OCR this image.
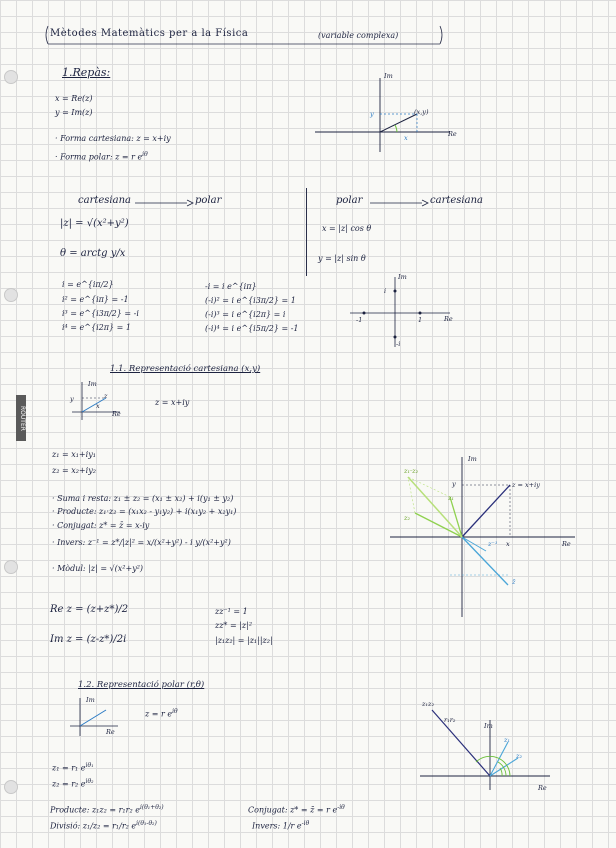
ROUTER
Mètodes Matemàtics per a la Física	(variable complexa)
1.Repàs:
x = Re(z)
y = Im(z)
· Forma cartesiana: z = x+iy
· Forma polar: z = r $e^{i\theta}$
Im
Re
(x,y)
y
x
cartesiana	polar
|z| = √(x²+y²)
θ = arctg y/x
polar	cartesiana
x = |z| cos θ
y = |z| sin θ
i = e^{iπ/2}
i² = e^{iπ} = -1
i³ = e^{i3π/2} = -i
i⁴ = e^{i2π} = 1
-i = i e^{iπ}
(-i)² = i e^{i3π/2} = 1
(-i)³ = i e^{i2π} = i
(-i)⁴ = i e^{i5π/2} = -1
Im
Re
i
-i
1
-1
1.1. Representació cartesiana (x,y)
Im
Re
y
x
z
z = x+iy
z₁ = x₁+iy₁
z₂ = x₂+iy₂
· Suma i resta: z₁ ± z₂ = (x₁ ± x₂) + i(y₁ ± y₂)
· Producte: z₁·z₂ = (x₁x₂ - y₁y₂) + i(x₁y₂ + x₂y₁)
· Conjugat: z* = z̄ = x-iy
· Invers: z⁻¹ = z*/|z|² = x/(x²+y²) - i y/(x²+y²)
· Mòdul: |z| = √(x²+y²)
Re z = (z+z*)/2
Im z = (z-z*)/2i
zz⁻¹ = 1
zz* = |z|²
|z₁z₂| = |z₁||z₂|
Im
Re
z = x+iy
y
x
z₁·z₂
z₁
z₂
z̄
z⁻¹
1.2. Representació polar (r,θ)
Im
Re
z = r $e^{i\theta}$
z₁ = r₁ $e^{i\theta_1}$
z₂ = r₂ $e^{i\theta_2}$
Producte: z₁z₂ = r₁r₂ $e^{i(\theta_1+\theta_2)}$
Divisió: z₁/z₂ = r₁/r₂ $e^{i(\theta_1-\theta_2)}$
Conjugat: z* = z̄ = r $e^{-i\theta}$
Invers: 1/r $e^{-i\theta}$
z₁z₂
r₁r₂
Im
Re
z₁
z₂
